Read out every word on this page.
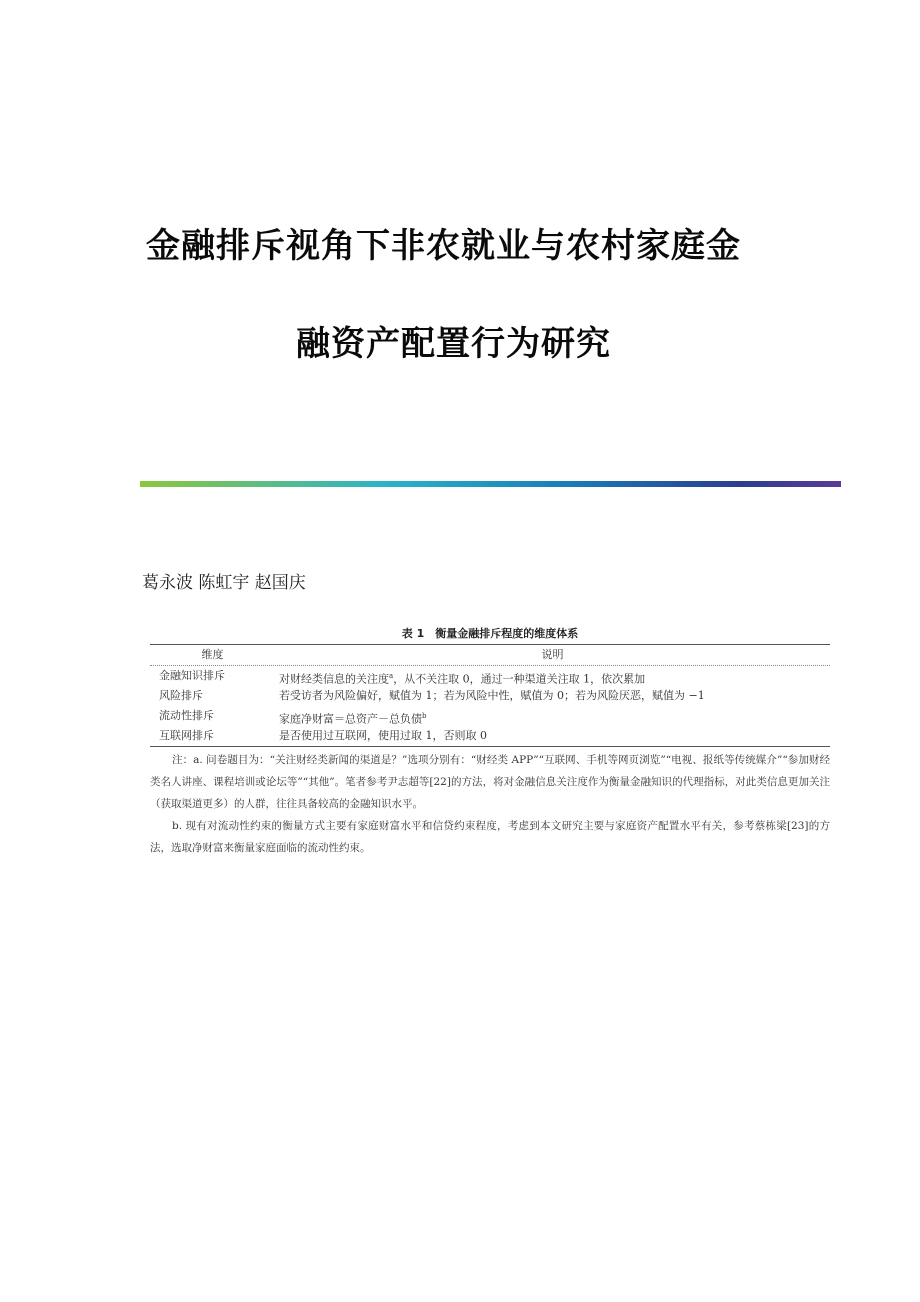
金融排斥视角下非农就业与农村家庭金
融资产配置行为研究
葛永波 陈虹宇 赵国庆
表 1　衡量金融排斥程度的维度体系
维度	说明
金融知识排斥	对财经类信息的关注度$^a$，从不关注取 0，通过一种渠道关注取 1，依次累加
风险排斥	若受访者为风险偏好，赋值为 1；若为风险中性，赋值为 0；若为风险厌恶，赋值为 −1
流动性排斥	家庭净财富＝总资产－总负债$^b$
互联网排斥	是否使用过互联网，使用过取 1，否则取 0

注：a. 问卷题目为：“关注财经类新闻的渠道是？”选项分别有：“财经类 APP”“互联网、手机等网页浏览”“电视、报纸等传统媒介”“参加财经类名人讲座、课程培训或论坛等”“其他”。笔者参考尹志超等[22]的方法，将对金融信息关注度作为衡量金融知识的代理指标，对此类信息更加关注（获取渠道更多）的人群，往往具备较高的金融知识水平。

b. 现有对流动性约束的衡量方式主要有家庭财富水平和信贷约束程度，考虑到本文研究主要与家庭资产配置水平有关，参考蔡栋梁[23]的方法，选取净财富来衡量家庭面临的流动性约束。
